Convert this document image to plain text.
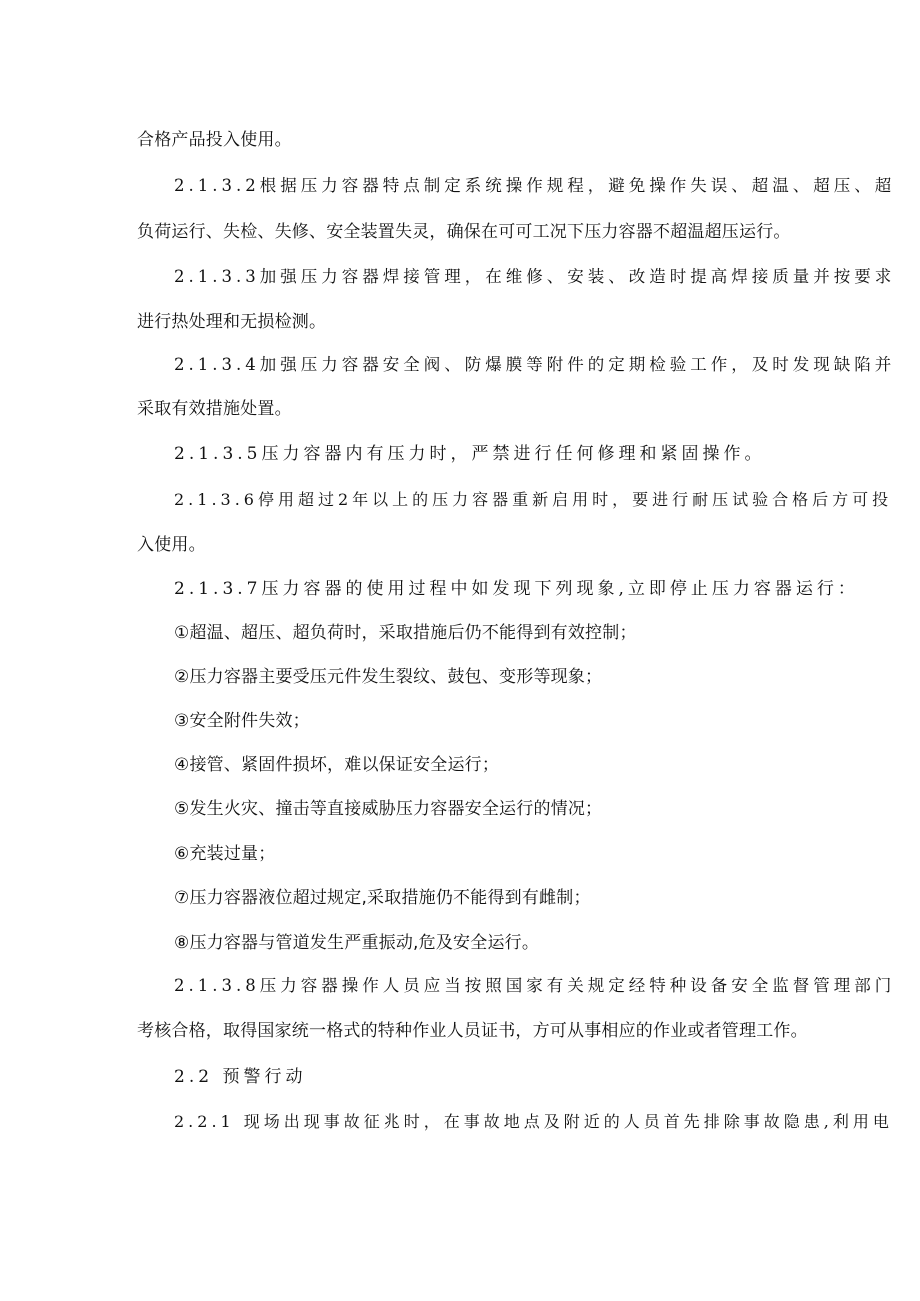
合格产品投入使用。
2.1.3.2根据压力容器特点制定系统操作规程，避免操作失误、超温、超压、超
负荷运行、失检、失修、安全装置失灵，确保在可可工况下压力容器不超温超压运行。
2.1.3.3加强压力容器焊接管理，在维修、安装、改造时提高焊接质量并按要求
进行热处理和无损检测。
2.1.3.4加强压力容器安全阀、防爆膜等附件的定期检验工作，及时发现缺陷并
采取有效措施处置。
2.1.3.5压力容器内有压力时，严禁进行任何修理和紧固操作。
2.1.3.6停用超过2年以上的压力容器重新启用时，要进行耐压试验合格后方可投
入使用。
2.1.3.7压力容器的使用过程中如发现下列现象,立即停止压力容器运行：
①超温、超压、超负荷时，采取措施后仍不能得到有效控制；
②压力容器主要受压元件发生裂纹、鼓包、变形等现象；
③安全附件失效；
④接管、紧固件损坏，难以保证安全运行；
⑤发生火灾、撞击等直接威胁压力容器安全运行的情况；
⑥充装过量；
⑦压力容器液位超过规定,采取措施仍不能得到有雌制；
⑧压力容器与管道发生严重振动,危及安全运行。
2.1.3.8压力容器操作人员应当按照国家有关规定经特种设备安全监督管理部门
考核合格，取得国家统一格式的特种作业人员证书，方可从事相应的作业或者管理工作。
2.2 预警行动
2.2.1 现场出现事故征兆时，在事故地点及附近的人员首先排除事故隐患,利用电
